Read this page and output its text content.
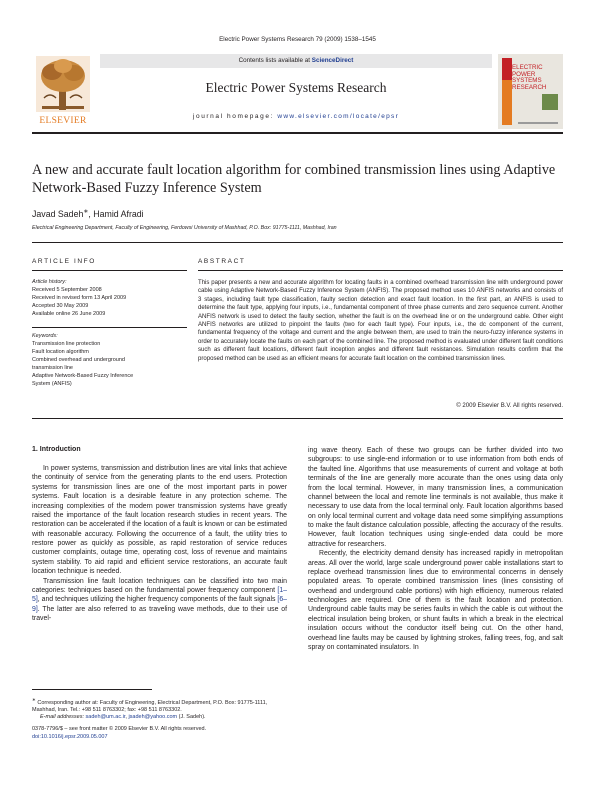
Electric Power Systems Research 79 (2009) 1538–1545
ELSEVIER
Contents lists available at ScienceDirect
Electric Power Systems Research
journal homepage: www.elsevier.com/locate/epsr
ELECTRIC POWER SYSTEMS RESEARCH
A new and accurate fault location algorithm for combined transmission lines using Adaptive Network-Based Fuzzy Inference System
Javad Sadeh∗, Hamid Afradi
Electrical Engineering Department, Faculty of Engineering, Ferdowsi University of Mashhad, P.O. Box: 91775-1111, Mashhad, Iran
ARTICLE INFO	ABSTRACT
Article history:
Received 5 September 2008
Received in revised form 13 April 2009
Accepted 30 May 2009
Available online 26 June 2009
Keywords:
Transmission line protection
Fault location algorithm
Combined overhead and underground
transmission line
Adaptive Network-Based Fuzzy Inference
System (ANFIS)
This paper presents a new and accurate algorithm for locating faults in a combined overhead transmission line with underground power cable using Adaptive Network-Based Fuzzy Inference System (ANFIS). The proposed method uses 10 ANFIS networks and consists of 3 stages, including fault type classification, faulty section detection and exact fault location. In the first part, an ANFIS is used to determine the fault type, applying four inputs, i.e., fundamental component of three phase currents and zero sequence current. Another ANFIS network is used to detect the faulty section, whether the fault is on the overhead line or on the underground cable. Other eight ANFIS networks are utilized to pinpoint the faults (two for each fault type). Four inputs, i.e., the dc component of the current, fundamental frequency of the voltage and current and the angle between them, are used to train the neuro-fuzzy inference systems in order to accurately locate the faults on each part of the combined line. The proposed method is evaluated under different fault conditions such as different fault locations, different fault inception angles and different fault resistances. Simulation results confirm that the proposed method can be used as an efficient means for accurate fault location on the combined transmission lines.
© 2009 Elsevier B.V. All rights reserved.
1. Introduction

In power systems, transmission and distribution lines are vital links that achieve the continuity of service from the generating plants to the end users. Protection systems for transmission lines are one of the most important parts in power systems. Fault location is a desirable feature in any protection scheme. The increasing complexities of the modern power transmission systems have greatly raised the importance of the fault location research studies in recent years. The restoration can be accelerated if the location of a fault is known or can be estimated with reasonable accuracy. Following the occurrence of a fault, the utility tries to restore power as quickly as possible, as rapid restoration of service reduces customer complaints, outage time, operating cost, loss of revenue and maintains system stability. To aid rapid and efficient service restorations, an accurate fault location technique is needed.

Transmission line fault location techniques can be classified into two main categories: techniques based on the fundamental power frequency component [1–5], and techniques utilizing the higher frequency components of the fault signals [6–9]. The latter are also referred to as traveling wave methods, due to their use of travel-

ing wave theory. Each of these two groups can be further divided into two subgroups: to use single-end information or to use information from both ends of the faulted line. Algorithms that use measurements of current and voltage at both terminals of the line are generally more accurate than the ones using data only from the local terminal. However, in many transmission lines, a communication channel between the local and remote line terminals is not available, thus make it necessary to use data from the local terminal only. Fault location algorithms based on only local terminal current and voltage data need some simplifying assumptions to make the fault distance calculation possible, affecting the accuracy of the results. However, fault location techniques using single-ended data could be more attractive for researchers.

Recently, the electricity demand density has increased rapidly in metropolitan areas. All over the world, large scale underground power cable installations start to replace overhead transmission lines due to environmental concerns in densely populated areas. To operate combined transmission lines (lines consisting of overhead and underground cable portions) with high efficiency, numerous related technologies are required. One of them is the fault location and protection. Underground cable faults may be series faults in which the cable is cut without the electrical insulation being broken, or shunt faults in which a break in the electrical insulation occurs without the conductor itself being cut. On the other hand, overhead line faults may be caused by lightning strokes, falling trees, fog, and salt spray on contaminated insulators. In

∗ Corresponding author at: Faculty of Engineering, Electrical Department, P.O. Box: 91775-1111, Mashhad, Iran. Tel.: +98 511 8763302; fax: +98 511 8763302.
E-mail addresses: sadeh@um.ac.ir, jsadeh@yahoo.com (J. Sadeh).
0378-7796/$ – see front matter © 2009 Elsevier B.V. All rights reserved.
doi:10.1016/j.epsr.2009.05.007
